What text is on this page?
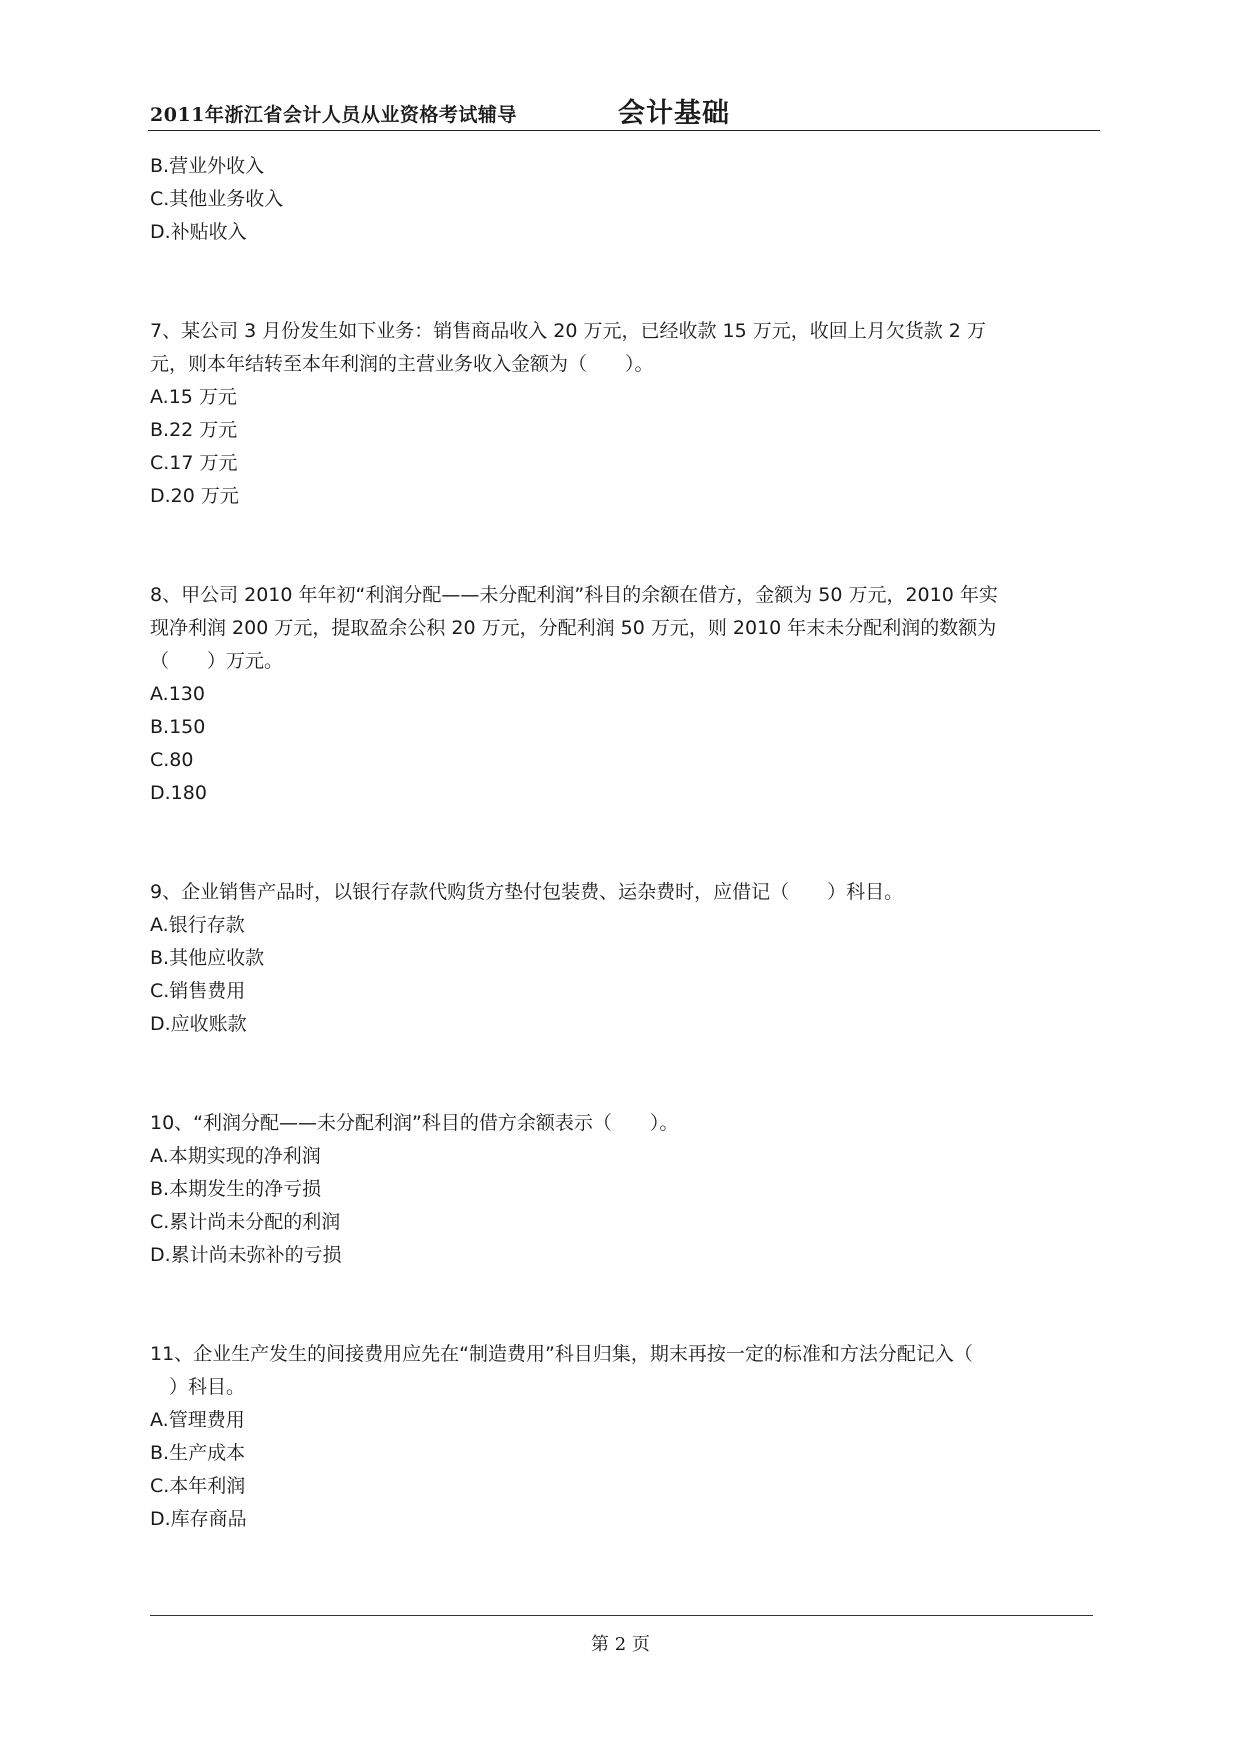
2011年浙江省会计人员从业资格考试辅导	会计基础
B.营业外收入
C.其他业务收入
D.补贴收入
7、某公司 3 月份发生如下业务：销售商品收入 20 万元，已经收款 15 万元，收回上月欠货款 2 万
元，则本年结转至本年利润的主营业务收入金额为（　　）。
A.15 万元
B.22 万元
C.17 万元
D.20 万元
8、甲公司 2010 年年初“利润分配——未分配利润”科目的余额在借方，金额为 50 万元，2010 年实
现净利润 200 万元，提取盈余公积 20 万元，分配利润 50 万元，则 2010 年末未分配利润的数额为
（　　）万元。
A.130
B.150
C.80
D.180
9、企业销售产品时，以银行存款代购货方垫付包装费、运杂费时，应借记（　　）科目。
A.银行存款
B.其他应收款
C.销售费用
D.应收账款
10、“利润分配——未分配利润”科目的借方余额表示（　　）。
A.本期实现的净利润
B.本期发生的净亏损
C.累计尚未分配的利润
D.累计尚未弥补的亏损
11、企业生产发生的间接费用应先在“制造费用”科目归集，期末再按一定的标准和方法分配记入（
　）科目。
A.管理费用
B.生产成本
C.本年利润
D.库存商品
第 2 页
